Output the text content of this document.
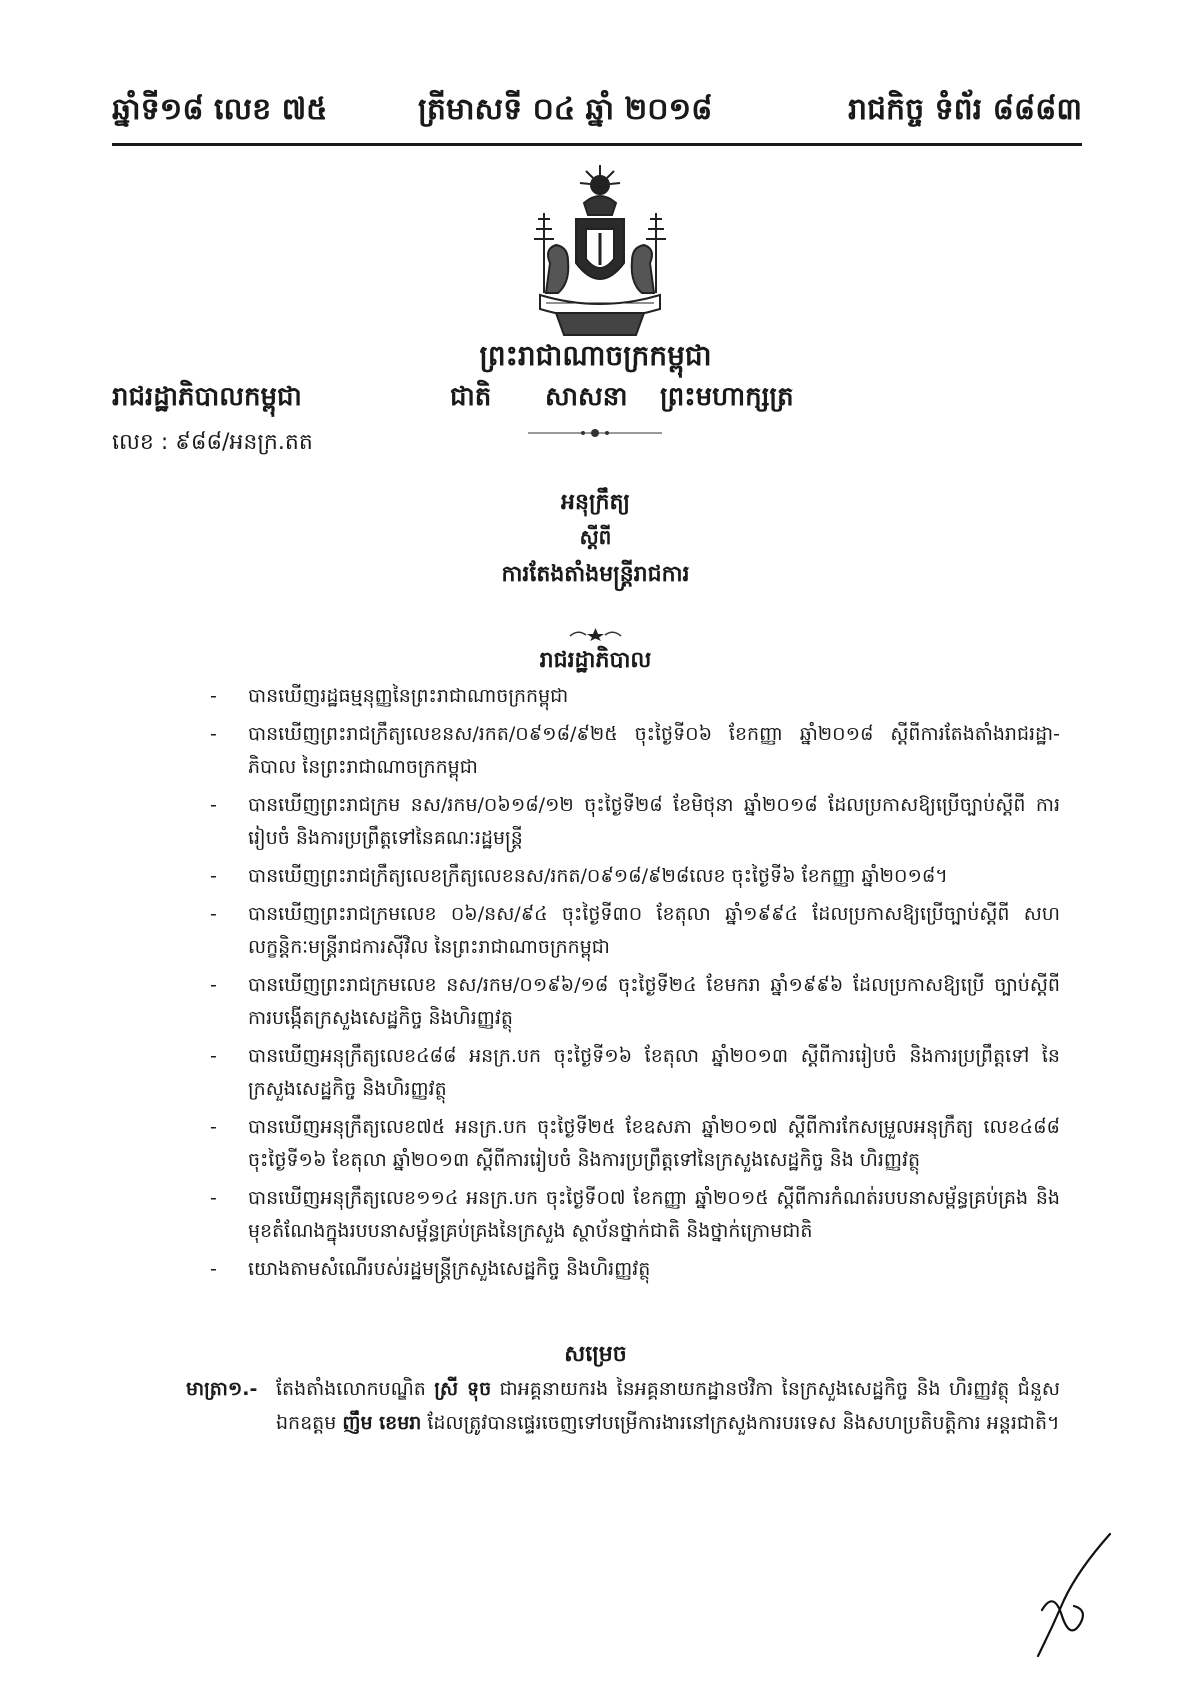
ឆ្នាំទី១៨ លេខ ៧៥	ត្រីមាសទី ០៤ ឆ្នាំ ២០១៨	រាជកិច្ច ទំព័រ ៨៨៨៣
ព្រះរាជាណាចក្រកម្ពុជា
រាជរដ្ឋាភិបាលកម្ពុជា	ជាតិ សាសនា ព្រះមហាក្សត្រ
លេខ : ៩៨៨/អនក្រ.តត
អនុក្រឹត្យ
ស្តីពី
ការតែងតាំងមន្ត្រីរាជការ
រាជរដ្ឋាភិបាល
- បានឃើញរដ្ឋធម្មនុញ្ញនៃព្រះរាជាណាចក្រកម្ពុជា
- បានឃើញព្រះរាជក្រឹត្យលេខនស/រកត/០៩១៨/៩២៥ ចុះថ្ងៃទី០៦ ខែកញ្ញា ឆ្នាំ២០១៨ ស្តីពីការតែងតាំងរាជរដ្ឋា-ភិបាល នៃព្រះរាជាណាចក្រកម្ពុជា
- បានឃើញព្រះរាជក្រម នស/រកម/០៦១៨/១២ ចុះថ្ងៃទី២៨ ខែមិថុនា ឆ្នាំ២០១៨ ដែលប្រកាសឱ្យប្រើច្បាប់ស្តីពី ការរៀបចំ និងការប្រព្រឹត្តទៅនៃគណៈរដ្ឋមន្ត្រី
- បានឃើញព្រះរាជក្រឹត្យលេខក្រឹត្យលេខនស/រកត/០៩១៨/៩២៨លេខ ចុះថ្ងៃទី៦ ខែកញ្ញា ឆ្នាំ២០១៨។
- បានឃើញព្រះរាជក្រមលេខ ០៦/នស/៩៤ ចុះថ្ងៃទី៣០ ខែតុលា ឆ្នាំ១៩៩៤ ដែលប្រកាសឱ្យប្រើច្បាប់ស្តីពី សហលក្ខន្តិកៈមន្ត្រីរាជការស៊ីវិល នៃព្រះរាជាណាចក្រកម្ពុជា
- បានឃើញព្រះរាជក្រមលេខ នស/រកម/០១៩៦/១៨ ចុះថ្ងៃទី២៤ ខែមករា ឆ្នាំ១៩៩៦ ដែលប្រកាសឱ្យប្រើ ច្បាប់ស្តីពីការបង្កើតក្រសួងសេដ្ឋកិច្ច និងហិរញ្ញវត្ថុ
- បានឃើញអនុក្រឹត្យលេខ៤៨៨ អនក្រ.បក ចុះថ្ងៃទី១៦ ខែតុលា ឆ្នាំ២០១៣ ស្តីពីការរៀបចំ និងការប្រព្រឹត្តទៅ នៃក្រសួងសេដ្ឋកិច្ច និងហិរញ្ញវត្ថុ
- បានឃើញអនុក្រឹត្យលេខ៧៥ អនក្រ.បក ចុះថ្ងៃទី២៥ ខែឧសភា ឆ្នាំ២០១៧ ស្តីពីការកែសម្រួលអនុក្រឹត្យ លេខ៤៨៨ ចុះថ្ងៃទី១៦ ខែតុលា ឆ្នាំ២០១៣ ស្តីពីការរៀបចំ និងការប្រព្រឹត្តទៅនៃក្រសួងសេដ្ឋកិច្ច និង ហិរញ្ញវត្ថុ
- បានឃើញអនុក្រឹត្យលេខ១១៤ អនក្រ.បក ចុះថ្ងៃទី០៧ ខែកញ្ញា ឆ្នាំ២០១៥ ស្តីពីការកំណត់របបនាសម្ព័ន្ធគ្រប់គ្រង និងមុខតំណែងក្នុងរបបនាសម្ព័ន្ធគ្រប់គ្រងនៃក្រសួង ស្ថាប័នថ្នាក់ជាតិ និងថ្នាក់ក្រោមជាតិ
- យោងតាមសំណើរបស់រដ្ឋមន្ត្រីក្រសួងសេដ្ឋកិច្ច និងហិរញ្ញវត្ថុ
សម្រេច
មាត្រា១.- តែងតាំងលោកបណ្ឌិត ស្រី ទុច ជាអគ្គនាយករង នៃអគ្គនាយកដ្ឋានថវិកា នៃក្រសួងសេដ្ឋកិច្ច និង ហិរញ្ញវត្ថុ ជំនួសឯកឧត្តម ញឹម ខេមរា ដែលត្រូវបានផ្ទេរចេញទៅបម្រើការងារនៅក្រសួងការបរទេស និងសហប្រតិបត្តិការ អន្តរជាតិ។
